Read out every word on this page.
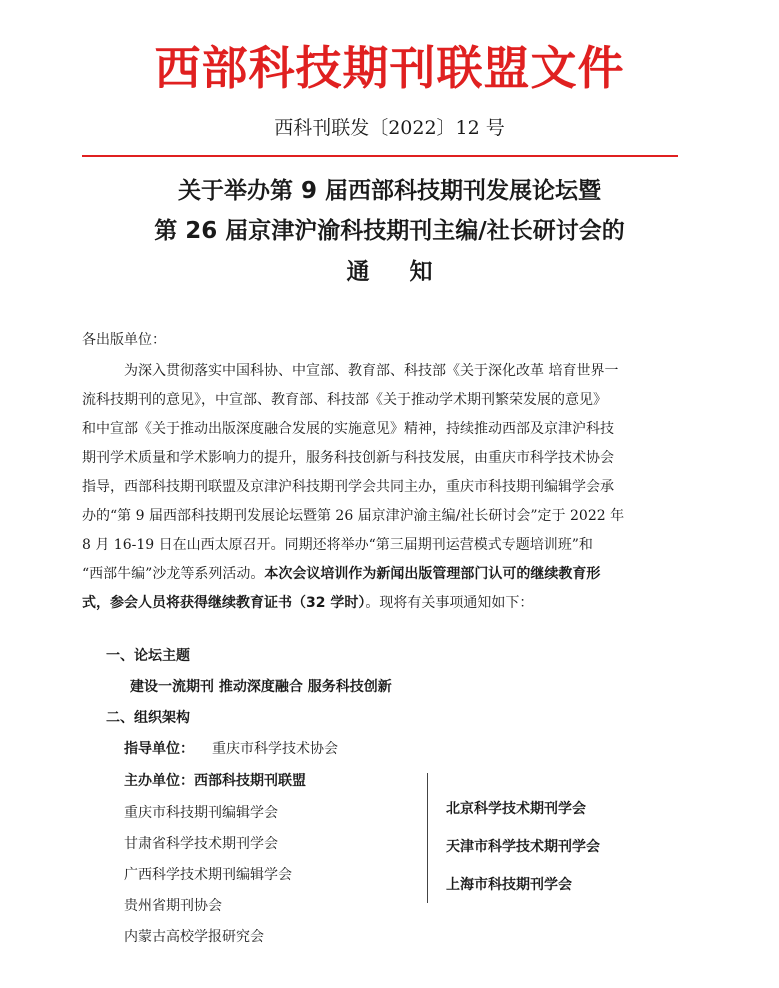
西部科技期刊联盟文件
西科刊联发〔2022〕12 号
关于举办第 9 届西部科技期刊发展论坛暨
第 26 届京津沪渝科技期刊主编/社长研讨会的
通 知
各出版单位：
为深入贯彻落实中国科协、中宣部、教育部、科技部《关于深化改革 培育世界一
流科技期刊的意见》，中宣部、教育部、科技部《关于推动学术期刊繁荣发展的意见》
和中宣部《关于推动出版深度融合发展的实施意见》精神，持续推动西部及京津沪科技
期刊学术质量和学术影响力的提升，服务科技创新与科技发展，由重庆市科学技术协会
指导，西部科技期刊联盟及京津沪科技期刊学会共同主办，重庆市科技期刊编辑学会承
办的“第 9 届西部科技期刊发展论坛暨第 26 届京津沪渝主编/社长研讨会”定于 2022 年
8 月 16-19 日在山西太原召开。同期还将举办“第三届期刊运营模式专题培训班”和
“西部牛编”沙龙等系列活动。本次会议培训作为新闻出版管理部门认可的继续教育形
式，参会人员将获得继续教育证书（32 学时）。现将有关事项通知如下：
一、论坛主题
建设一流期刊 推动深度融合 服务科技创新
二、组织架构
指导单位： 重庆市科学技术协会
主办单位：西部科技期刊联盟
重庆市科技期刊编辑学会
甘肃省科学技术期刊学会
广西科学技术期刊编辑学会
贵州省期刊协会
内蒙古高校学报研究会
北京科学技术期刊学会
天津市科学技术期刊学会
上海市科技期刊学会
